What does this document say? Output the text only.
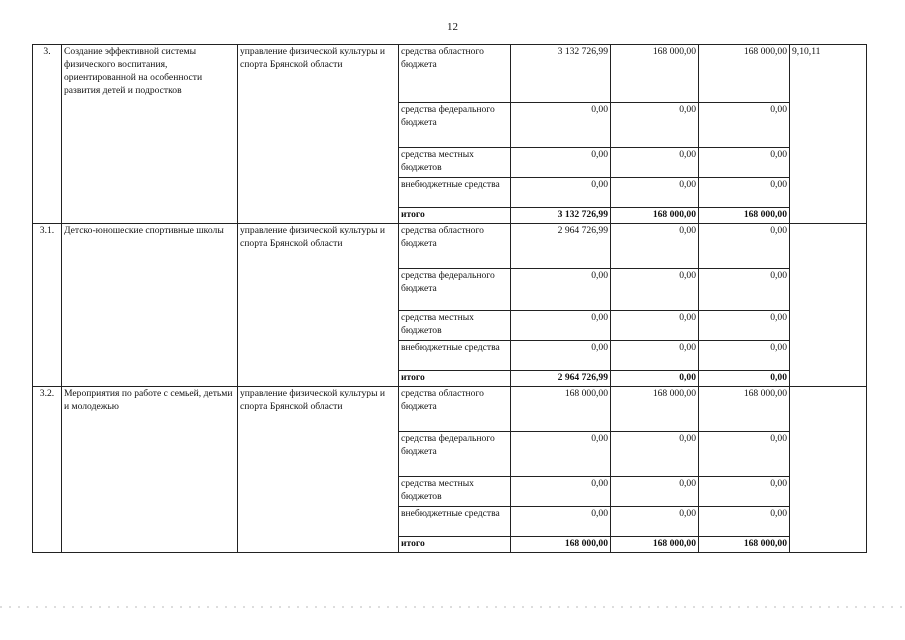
12
3.	Создание эффективной системы физического воспитания, ориентированной на особенности развития детей и подростков	управление физической культуры и спорта Брянской области	средства областного бюджета	3 132 726,99	168 000,00	168 000,00	9,10,11
			средства федерального бюджета	0,00	0,00	0,00	
			средства местных бюджетов	0,00	0,00	0,00	
			внебюджетные средства	0,00	0,00	0,00	
			итого	3 132 726,99	168 000,00	168 000,00	
3.1.	Детско-юношеские спортивные школы	управление физической культуры и спорта Брянской области	средства областного бюджета	2 964 726,99	0,00	0,00	
			средства федерального бюджета	0,00	0,00	0,00	
			средства местных бюджетов	0,00	0,00	0,00	
			внебюджетные средства	0,00	0,00	0,00	
			итого	2 964 726,99	0,00	0,00	
3.2.	Мероприятия по работе с семьей, детьми и молодежью	управление физической культуры и спорта Брянской области	средства областного бюджета	168 000,00	168 000,00	168 000,00	
			средства федерального бюджета	0,00	0,00	0,00	
			средства местных бюджетов	0,00	0,00	0,00	
			внебюджетные средства	0,00	0,00	0,00	
			итого	168 000,00	168 000,00	168 000,00	
